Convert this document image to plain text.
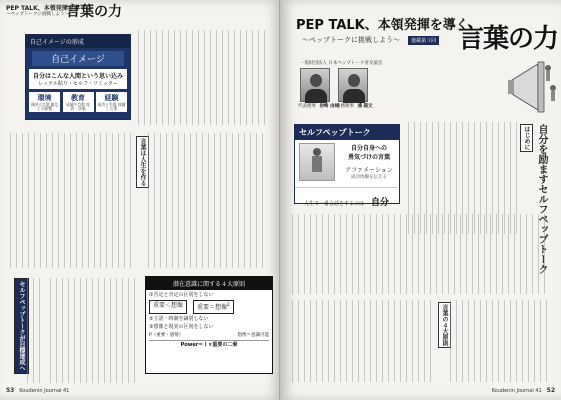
PEP TALK、本領発揮を導く
～ペップトークに挑戦しよう～
言葉の力
自己イメージの形成
自己イメージ
自分はこんな人間という思い込み
レッテル貼り・セルフ・リミッター
環境
周囲の言葉 親などの影響
教育
成績や点数 叱責・評価
経験
成功と失敗 体験した事
言葉は人生を作る
セルフペップトークが目標達成へ	潜在意識に関する４大原則
①否定と肯定の区別をしない
重要＜想像	重要＝想像$^2$
②主語・時制を識別しない
③想像と現実の区別をしない
P（重要・感情）	想像＝意識可能
Power＝Ｉ×重要の二乗
53 Koudenin Journal 41
PEP TALK、本領発揮を導く
～ペップトークに挑戦しよう～	連載第３回 言葉の力
一般財団法人 日本ペップトーク普及協会
代表理事 岩崎 由純
専務理事 浦 義文
セルフペップトーク
自分自身への
勇気づけの言葉
アファメーション
成功体験を伝える
人生で一番会話をするのは 自分	自分を励ますセルフペップトーク
はじめに
言葉の４大原則
Koudenin Journal 41 52
